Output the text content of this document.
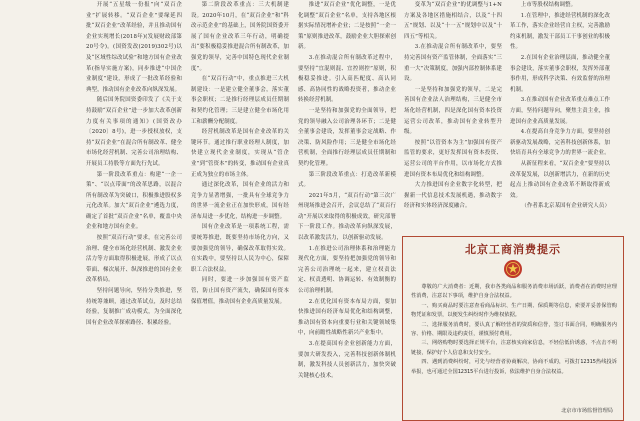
开展“五星级一份报”向“双百企业”扩展转移。“双百企业”要缘延四批“双百企业”改革经验，并且推动国有企业实现增长(2018年)(发展财政部第20号令)。(国资发改(2019)302号)以及“区域性综改试验”和地方国有企业改革(指导实施方案)，同步推进“中国企业制度”建设，形成了一批改革经验和典型，推动国有企业改革向纵深发展。

随后国务院国资委印发了《关于支持鼓励“双百企业”进一步加大改革创新力度有关事项的通知》(国资改办〔2020〕8号)，进一步授权放权，支持“双百企业”在混合所有制改革、健全市场化经营机制、完善公司治理结构、开展员工持股等方面先行先试。

第一阶段改革重点：构建“一企一策”、“以点带面”的改革思路，以混合所有制改革为突破口，积极推进股权多元化改革。加大“双百企业”遴选力度，确定了首批“双百企业”名单，覆盖中央企业和地方国有企业。

按照“双百行动”要求，在完善公司治理、健全市场化经营机制、激发企业活力等方面取得积极进展，形成了以点带面、梯次展开、纵深推进的国有企业改革格局。

坚持问题导向，坚持分类推进，坚持统筹兼顾，通过改革试点，及时总结经验，复制推广成功模式，为全面深化国有企业改革探索路径、积累经验。

第二阶段改革重点：三大机制建设。2020年10月，在“双百企业”和“科改示范企业”的基础上，国务院国资委开展了国有企业改革三年行动，明确提出“要积极稳妥推进混合所有制改革，加强党的领导，完善中国特色现代企业制度”。

在“双百行动”中，重点推进三大机制建设：一是建立健全董事会，落实董事会职权；二是推行经理层成员任期制和契约化管理；三是建立健全市场化用工和薪酬分配制度。

经营机制改革是国有企业改革的关键环节。通过推行职业经理人制度，加快建立现代企业制度，实现从“管企业”到“管资本”的转变，推动国有企业真正成为独立的市场主体。

通过深化改革，国有企业的活力和竞争力显著增强，一批具有全球竞争力的世界一流企业正在加快形成，国有经济布局进一步优化，结构进一步调整。

国有企业改革是一项系统工程，需要统筹推进，既要坚持市场化方向，又要加强党的领导，确保改革取得实效。在实践中，要坚持以人民为中心，保障职工合法权益。

同时，要进一步加强国有资产监管，防止国有资产流失，确保国有资本保值增值，推动国有企业高质量发展。

推进“双百企业”优化调整，一是优化调整“双百企业”名单，支持各地区根据实际情况增补企业；二是按照“一企一策”原则推进改革，鼓励企业大胆探索创新。

3.在推动混合所有制改革过程中，要坚持“宜混则混、宜控则控”原则，积极稳妥推进。引入高匹配度、高认同感、高协同性的战略投资者，推动企业转换经营机制。

一是坚持和加强党的全面领导，把党的领导融入公司治理各环节；二是健全董事会建设，发挥董事会定战略、作决策、防风险作用；三是健全市场化经营机制，全面推行经理层成员任期制和契约化管理。

第三阶段改革重点：打造改革新模式。

2021年5月，“双百行动”第三次广州现场推进会召开，会议总结了“双百行动”开展以来取得的积极成效，研究部署下一阶段工作。推动改革向纵深发展，以改革激发活力，以创新驱动发展。

1.在推进公司治理体系和治理能力现代化方面，要坚持把加强党的领导和完善公司治理统一起来，建立权责法定、权责透明、协调运转、有效制衡的公司治理机制。

2.在优化国有资本布局方面，要加快推进国有经济布局优化和结构调整，推动国有资本向重要行业和关键领域集中，向前瞻性战略性新兴产业集中。

3.在提高国有企业创新能力方面，要加大研发投入，完善科技创新体制机制，激发科技人员创新活力，加快突破关键核心技术。

变革为“双百企业”的优调整与1+N方案及各地区措施相结合，以及“十四五”规划、以及“十一五”规划中以及“十四五”等相关。

3.在推动混合所有制改革中，要坚持完善国有资产监管体制，全面落实“三重一大”决策制度，加强内部控制体系建设。

一是坚持和加强党的领导，二是完善国有企业法人治理结构，三是健全市场化经营机制，四是深化国有资本投资运营公司改革，推动国有企业转型升级。

按照“以管资本为主”加强国有资产监管的要求，更好发挥国有资本投资、运营公司的平台作用，以市场化方式推进国有资本布局优化和结构调整。

大力推进国有企业数字化转型，把握新一代信息技术发展机遇，推动数字经济和实体经济深度融合。

上市等股权结构调整。

1.在管理中，推进经营机制的深化改革工作，落实企业经营自主权，完善激励约束机制，激发干部员工干事创业的积极性。

2.在国有企业治理层面，推动健全董事会建设，落实董事会职权，发挥外部董事作用，形成科学决策、有效监督的治理机制。

3.在推动国有企业改革重点难点工作方面，坚持问题导向，聚焦主责主业，推进国有企业高质量发展。

4.在提高自身竞争力方面，要坚持创新驱动发展战略，完善科技创新体系，加快培育具有全球竞争力的世界一流企业。

从新征程来看，“双百企业”要坚持以改革促发展，以创新增活力，在新的历史起点上推动国有企业改革不断取得新成效。

（作者系北京某国有企业研究人员）

北京工商消费提示

尊敬的广大消费者：近期，我市各类商品和服务消费市场活跃，消费者在消费时应理性消费，注意以下事项，维护自身合法权益。

一、购买商品时要注意查看商品标识、生产日期、保质期等信息，索要并妥善保管购物凭证和发票，以便发生纠纷时作为维权依据。

二、选择服务消费时，要认真了解经营者的资质和信誉，签订书面合同，明确服务内容、价格、期限及违约责任，谨慎预付费用。

三、网络购物时要选择正规平台，注意核实商家信息，不轻信低价诱惑，不点击不明链接，保护好个人信息和支付安全。

四、遇到消费纠纷时，可先与经营者协商解决，协商不成的，可拨打12315热线投诉举报，也可通过全国12315平台进行投诉，依法维护自身合法权益。

北京市市场监督管理局
